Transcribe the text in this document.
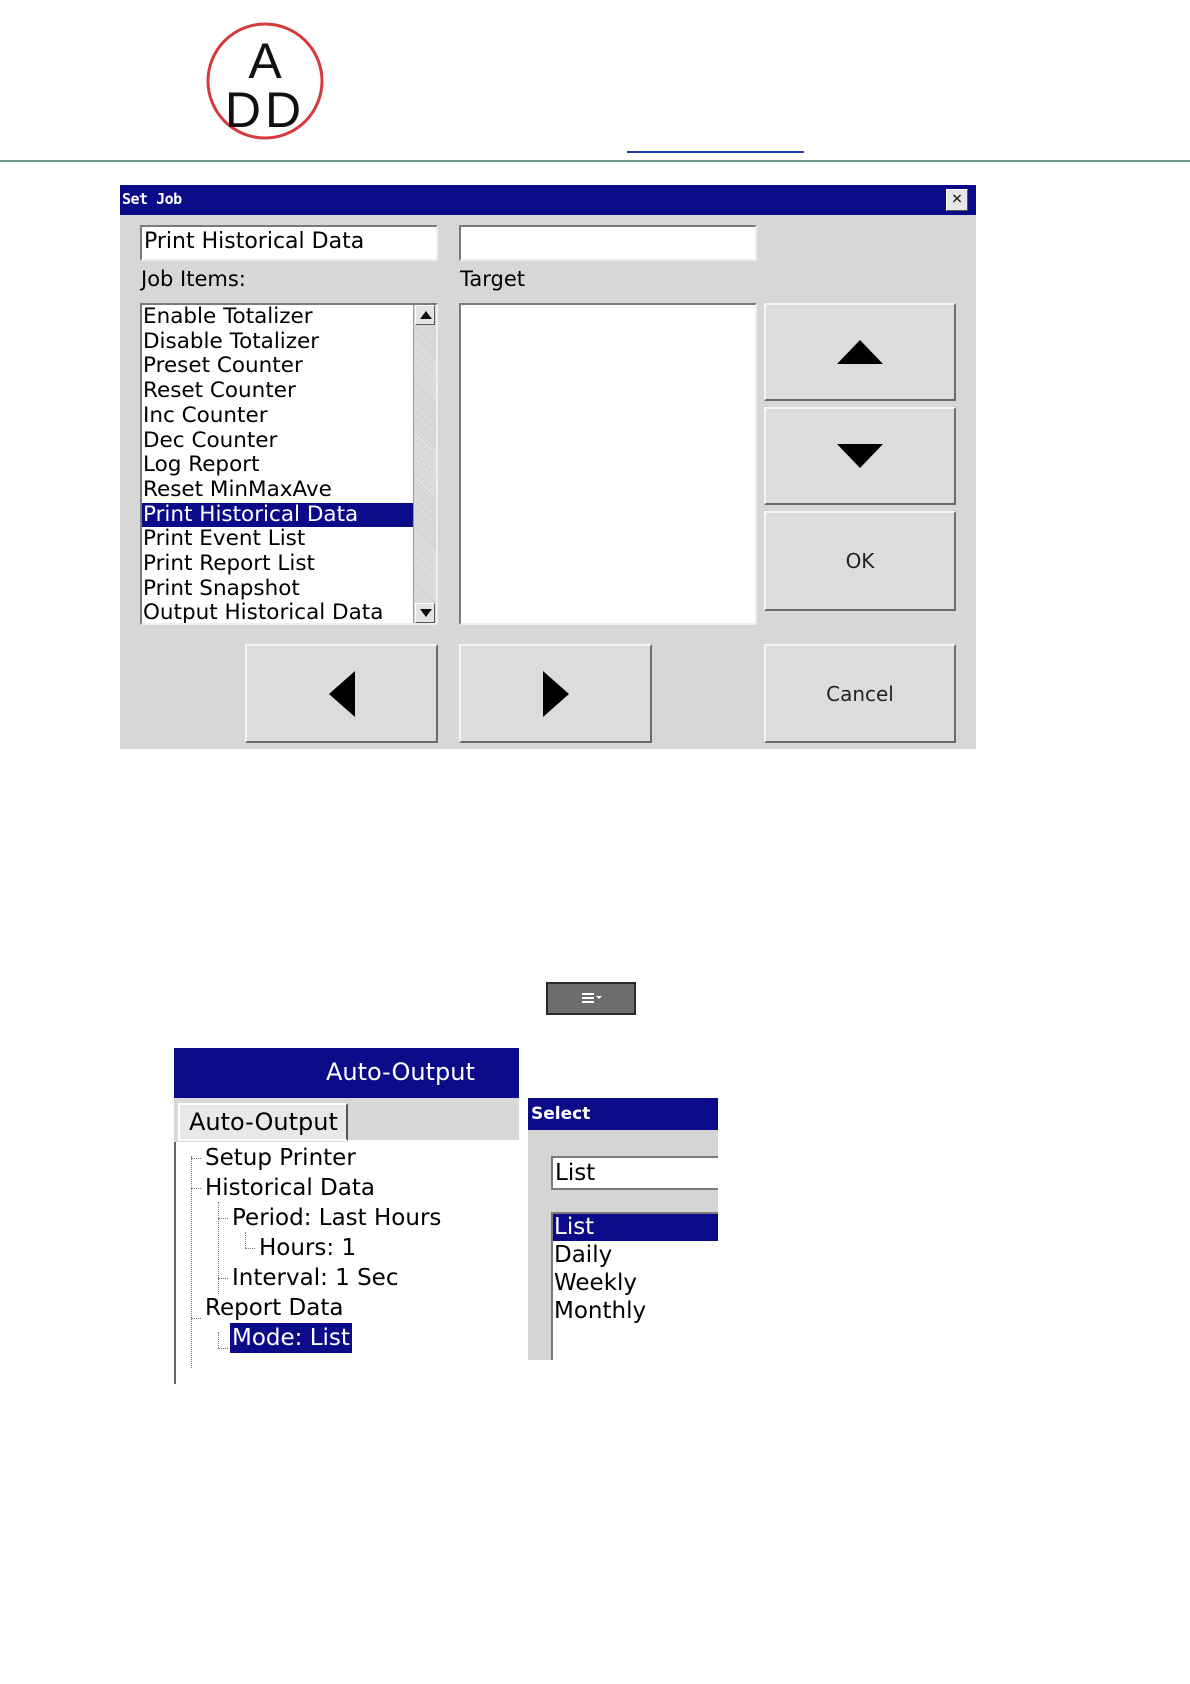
A
DD
Set Job	×
Print Historical Data
Job Items:	Target
Enable Totalizer
Disable Totalizer
Preset Counter
Reset Counter
Inc Counter
Dec Counter
Log Report
Reset MinMaxAve
Print Historical Data
Print Event List
Print Report List
Print Snapshot
Output Historical Data
OK
Cancel
Auto-Output
Auto-Output
Setup Printer
Historical Data
Period: Last Hours
Hours: 1
Interval: 1 Sec
Report Data
Mode: List
Select
List
List
Daily
Weekly
Monthly
